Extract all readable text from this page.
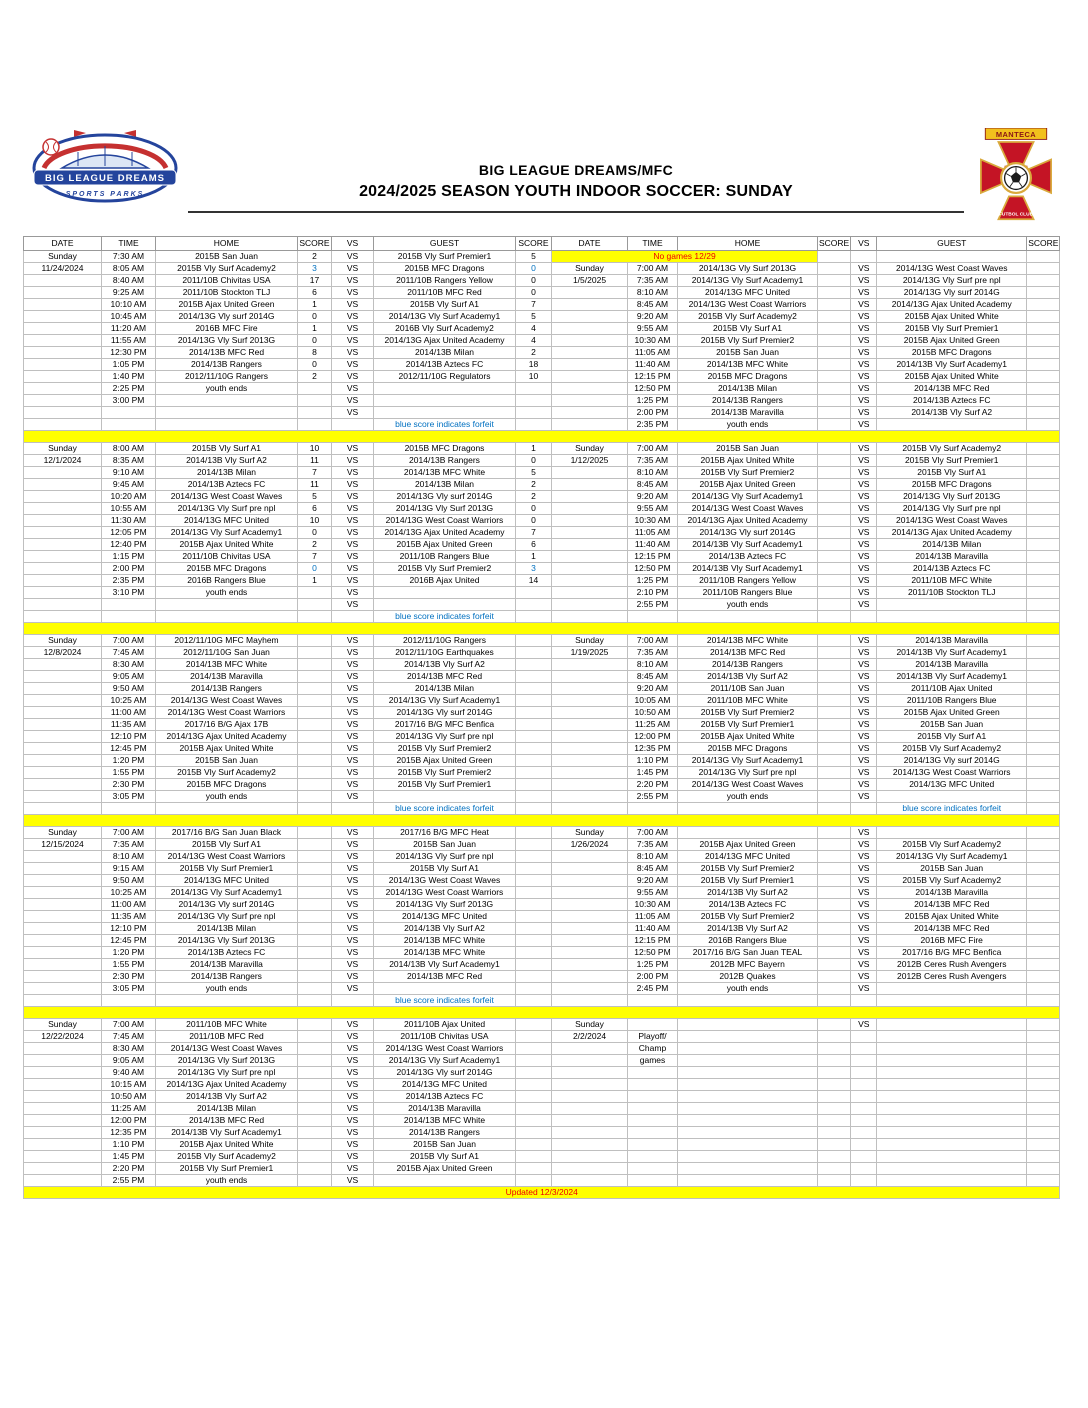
BIG LEAGUE DREAMS
SPORTS PARKS
BIG LEAGUE DREAMS/MFC
2024/2025 SEASON YOUTH INDOOR SOCCER: SUNDAY
MANTECA
FUTBOL CLUB
DATE	TIME	HOME	SCORE	VS	GUEST	SCORE	DATE	TIME	HOME	SCORE	VS	GUEST	SCORE
Sunday	7:30 AM	2015B San Juan	2	VS	2015B Vly Surf Premier1	5	No games 12/29						
11/24/2024	8:05 AM	2015B Vly Surf Academy2	3	VS	2015B MFC Dragons	0	Sunday	7:00 AM	2014/13G Vly Surf 2013G		VS	2014/13G West Coast Waves	
	8:40 AM	2011/10B Chivitas USA	17	VS	2011/10B Rangers Yellow	0	1/5/2025	7:35 AM	2014/13G Vly Surf Academy1		VS	2014/13G Vly Surf pre npl	
	9:25 AM	2011/10B Stockton TLJ	6	VS	2011/10B MFC Red	0		8:10 AM	2014/13G MFC United		VS	2014/13G Vly surf 2014G	
	10:10 AM	2015B Ajax United Green	1	VS	2015B Vly Surf A1	7		8:45 AM	2014/13G West Coast Warriors		VS	2014/13G Ajax United Academy	
	10:45 AM	2014/13G Vly surf 2014G	0	VS	2014/13G Vly Surf Academy1	5		9:20 AM	2015B Vly Surf Academy2		VS	2015B Ajax United White	
	11:20 AM	2016B MFC Fire	1	VS	2016B Vly Surf Academy2	4		9:55 AM	2015B Vly Surf A1		VS	2015B Vly Surf Premier1	
	11:55 AM	2014/13G Vly Surf 2013G	0	VS	2014/13G Ajax United Academy	4		10:30 AM	2015B Vly Surf Premier2		VS	2015B Ajax United Green	
	12:30 PM	2014/13B MFC Red	8	VS	2014/13B Milan	2		11:05 AM	2015B San Juan		VS	2015B MFC Dragons	
	1:05 PM	2014/13B Rangers	0	VS	2014/13B Aztecs FC	18		11:40 AM	2014/13B MFC White		VS	2014/13B Vly Surf Academy1	
	1:40 PM	2012/11/10G Rangers	2	VS	2012/11/10G Regulators	10		12:15 PM	2015B MFC Dragons		VS	2015B Ajax United White	
	2:25 PM	youth ends		VS				12:50 PM	2014/13B Milan		VS	2014/13B MFC Red	
	3:00 PM			VS				1:25 PM	2014/13B Rangers		VS	2014/13B Aztecs FC	
				VS				2:00 PM	2014/13B Maravilla		VS	2014/13B Vly Surf A2	
					blue score indicates forfeit			2:35 PM	youth ends		VS		

Sunday	8:00 AM	2015B Vly Surf A1	10	VS	2015B MFC Dragons	1	Sunday	7:00 AM	2015B San Juan		VS	2015B Vly Surf Academy2	
12/1/2024	8:35 AM	2014/13B Vly Surf A2	11	VS	2014/13B Rangers	0	1/12/2025	7:35 AM	2015B Ajax United White		VS	2015B Vly Surf Premier1	
	9:10 AM	2014/13B Milan	7	VS	2014/13B MFC White	5		8:10 AM	2015B Vly Surf Premier2		VS	2015B Vly Surf A1	
	9:45 AM	2014/13B Aztecs FC	11	VS	2014/13B Milan	2		8:45 AM	2015B Ajax United Green		VS	2015B MFC Dragons	
	10:20 AM	2014/13G West Coast Waves	5	VS	2014/13G Vly surf 2014G	2		9:20 AM	2014/13G Vly Surf Academy1		VS	2014/13G Vly Surf 2013G	
	10:55 AM	2014/13G Vly Surf pre npl	6	VS	2014/13G Vly Surf 2013G	0		9:55 AM	2014/13G West Coast Waves		VS	2014/13G Vly Surf pre npl	
	11:30 AM	2014/13G MFC United	10	VS	2014/13G West Coast Warriors	0		10:30 AM	2014/13G Ajax United Academy		VS	2014/13G West Coast Waves	
	12:05 PM	2014/13G Vly Surf Academy1	0	VS	2014/13G Ajax United Academy	7		11:05 AM	2014/13G Vly surf 2014G		VS	2014/13G Ajax United Academy	
	12:40 PM	2015B Ajax United White	2	VS	2015B Ajax United Green	6		11:40 AM	2014/13B Vly Surf Academy1		VS	2014/13B Milan	
	1:15 PM	2011/10B Chivitas USA	7	VS	2011/10B Rangers Blue	1		12:15 PM	2014/13B Aztecs FC		VS	2014/13B Maravilla	
	2:00 PM	2015B MFC Dragons	0	VS	2015B Vly Surf Premier2	3		12:50 PM	2014/13B Vly Surf Academy1		VS	2014/13B Aztecs FC	
	2:35 PM	2016B Rangers Blue	1	VS	2016B Ajax United	14		1:25 PM	2011/10B Rangers Yellow		VS	2011/10B MFC White	
	3:10 PM	youth ends		VS				2:10 PM	2011/10B Rangers Blue		VS	2011/10B Stockton TLJ	
				VS				2:55 PM	youth ends		VS		
					blue score indicates forfeit								

Sunday	7:00 AM	2012/11/10G MFC Mayhem		VS	2012/11/10G Rangers		Sunday	7:00 AM	2014/13B MFC White		VS	2014/13B Maravilla	
12/8/2024	7:45 AM	2012/11/10G San Juan		VS	2012/11/10G Earthquakes		1/19/2025	7:35 AM	2014/13B MFC Red		VS	2014/13B Vly Surf Academy1	
	8:30 AM	2014/13B MFC White		VS	2014/13B Vly Surf A2			8:10 AM	2014/13B Rangers		VS	2014/13B Maravilla	
	9:05 AM	2014/13B Maravilla		VS	2014/13B MFC Red			8:45 AM	2014/13B Vly Surf A2		VS	2014/13B Vly Surf Academy1	
	9:50 AM	2014/13B Rangers		VS	2014/13B Milan			9:20 AM	2011/10B San Juan		VS	2011/10B Ajax United	
	10:25 AM	2014/13G West Coast Waves		VS	2014/13G Vly Surf Academy1			10:05 AM	2011/10B MFC White		VS	2011/10B Rangers Blue	
	11:00 AM	2014/13G West Coast Warriors		VS	2014/13G Vly surf 2014G			10:50 AM	2015B Vly Surf Premier2		VS	2015B Ajax United Green	
	11:35 AM	2017/16 B/G Ajax 17B		VS	2017/16 B/G MFC Benfica			11:25 AM	2015B Vly Surf Premier1		VS	2015B San Juan	
	12:10 PM	2014/13G Ajax United Academy		VS	2014/13G Vly Surf pre npl			12:00 PM	2015B Ajax United White		VS	2015B Vly Surf A1	
	12:45 PM	2015B Ajax United White		VS	2015B Vly Surf Premier2			12:35 PM	2015B MFC Dragons		VS	2015B Vly Surf Academy2	
	1:20 PM	2015B San Juan		VS	2015B Ajax United Green			1:10 PM	2014/13G Vly Surf Academy1		VS	2014/13G Vly surf 2014G	
	1:55 PM	2015B Vly Surf Academy2		VS	2015B Vly Surf Premier2			1:45 PM	2014/13G Vly Surf pre npl		VS	2014/13G West Coast Warriors	
	2:30 PM	2015B MFC Dragons		VS	2015B Vly Surf Premier1			2:20 PM	2014/13G West Coast Waves		VS	2014/13G MFC United	
	3:05 PM	youth ends		VS				2:55 PM	youth ends		VS		
					blue score indicates forfeit							blue score indicates forfeit	

Sunday	7:00 AM	2017/16 B/G San Juan Black		VS	2017/16 B/G MFC Heat		Sunday	7:00 AM			VS		
12/15/2024	7:35 AM	2015B Vly Surf A1		VS	2015B San Juan		1/26/2024	7:35 AM	2015B Ajax United Green		VS	2015B Vly Surf Academy2	
	8:10 AM	2014/13G West Coast Warriors		VS	2014/13G Vly Surf pre npl			8:10 AM	2014/13G MFC United		VS	2014/13G Vly Surf Academy1	
	9:15 AM	2015B Vly Surf Premier1		VS	2015B Vly Surf A1			8:45 AM	2015B Vly Surf Premier2		VS	2015B San Juan	
	9:50 AM	2014/13G MFC United		VS	2014/13G West Coast Waves			9:20 AM	2015B Vly Surf Premier1		VS	2015B Vly Surf Academy2	
	10:25 AM	2014/13G Vly Surf Academy1		VS	2014/13G West Coast Warriors			9:55 AM	2014/13B Vly Surf A2		VS	2014/13B Maravilla	
	11:00 AM	2014/13G Vly surf 2014G		VS	2014/13G Vly Surf 2013G			10:30 AM	2014/13B Aztecs FC		VS	2014/13B MFC Red	
	11:35 AM	2014/13G Vly Surf pre npl		VS	2014/13G MFC United			11:05 AM	2015B Vly Surf Premier2		VS	2015B Ajax United White	
	12:10 PM	2014/13B Milan		VS	2014/13B Vly Surf A2			11:40 AM	2014/13B Vly Surf A2		VS	2014/13B MFC Red	
	12:45 PM	2014/13G Vly Surf 2013G		VS	2014/13B MFC White			12:15 PM	2016B Rangers Blue		VS	2016B MFC Fire	
	1:20 PM	2014/13B Aztecs FC		VS	2014/13B MFC White			12:50 PM	2017/16 B/G San Juan TEAL		VS	2017/16 B/G MFC Benfica	
	1:55 PM	2014/13B Maravilla		VS	2014/13B Vly Surf Academy1			1:25 PM	2012B MFC Bayern		VS	2012B Ceres Rush Avengers	
	2:30 PM	2014/13B Rangers		VS	2014/13B MFC Red			2:00 PM	2012B Quakes		VS	2012B Ceres Rush Avengers	
	3:05 PM	youth ends		VS				2:45 PM	youth ends		VS		
					blue score indicates forfeit								

Sunday	7:00 AM	2011/10B MFC White		VS	2011/10B Ajax United		Sunday				VS		
12/22/2024	7:45 AM	2011/10B MFC Red		VS	2011/10B Chivitas USA		2/2/2024	Playoff/					
	8:30 AM	2014/13G West Coast Waves		VS	2014/13G West Coast Warriors			Champ					
	9:05 AM	2014/13G Vly Surf 2013G		VS	2014/13G Vly Surf Academy1			games					
	9:40 AM	2014/13G Vly Surf pre npl		VS	2014/13G Vly surf 2014G								
	10:15 AM	2014/13G Ajax United Academy		VS	2014/13G MFC United								
	10:50 AM	2014/13B Vly Surf A2		VS	2014/13B Aztecs FC								
	11:25 AM	2014/13B Milan		VS	2014/13B Maravilla								
	12:00 PM	2014/13B MFC Red		VS	2014/13B MFC White								
	12:35 PM	2014/13B Vly Surf Academy1		VS	2014/13B Rangers								
	1:10 PM	2015B Ajax United White		VS	2015B San Juan								
	1:45 PM	2015B Vly Surf Academy2		VS	2015B Vly Surf A1								
	2:20 PM	2015B Vly Surf Premier1		VS	2015B Ajax United Green								
	2:55 PM	youth ends		VS									
Updated 12/3/2024													
